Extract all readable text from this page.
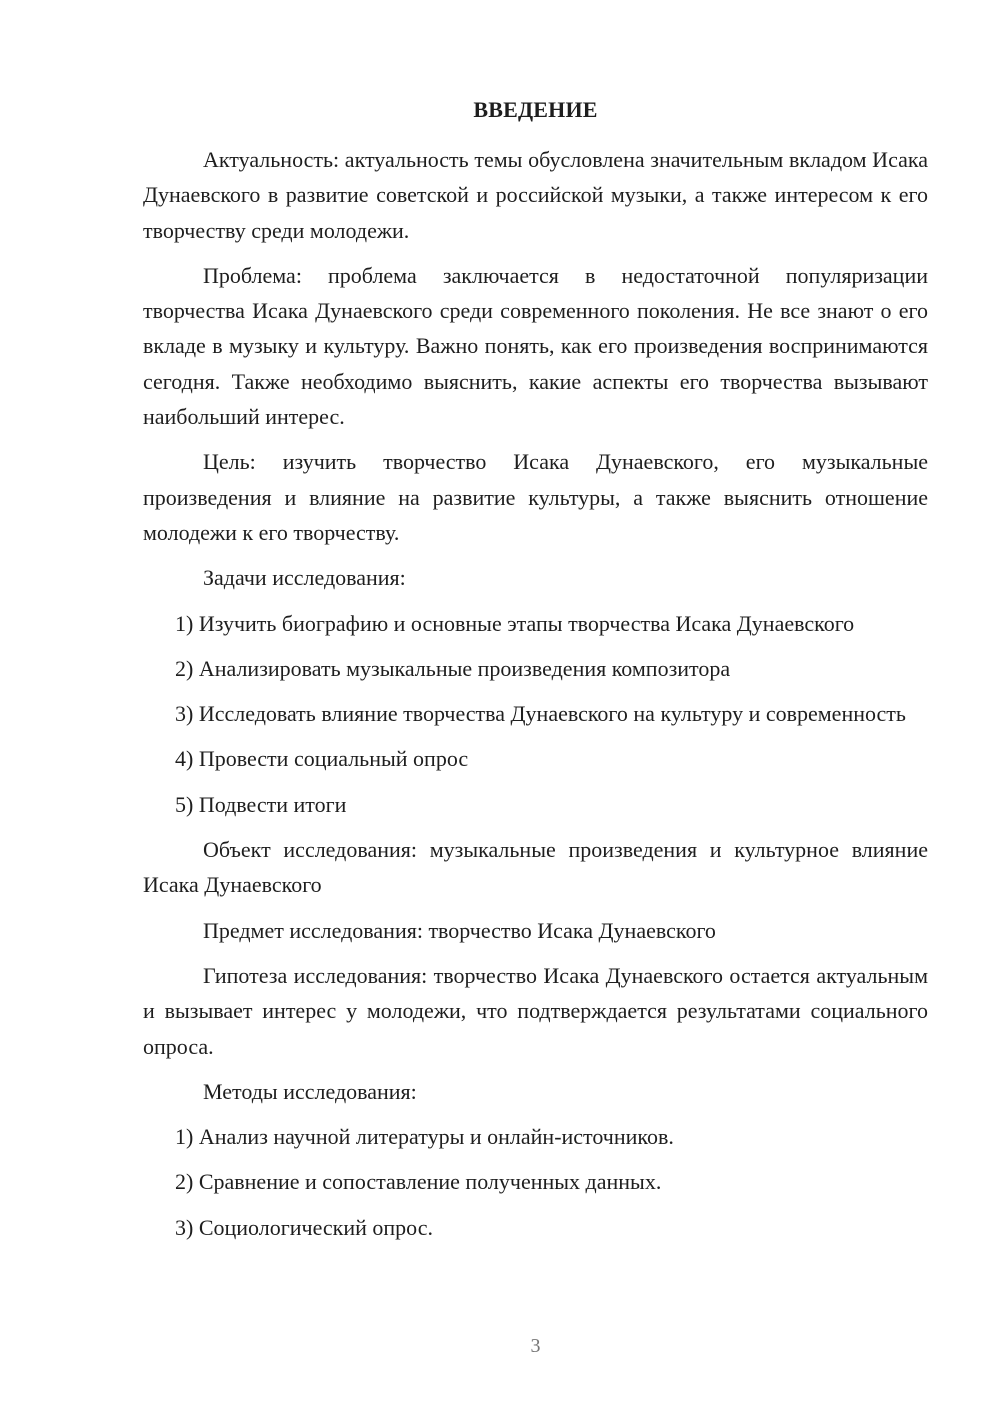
ВВЕДЕНИЕ

Актуальность: актуальность темы обусловлена значительным вкладом Исака Дунаевского в развитие советской и российской музыки, а также интересом к его творчеству среди молодежи.

Проблема: проблема заключается в недостаточной популяризации творчества Исака Дунаевского среди современного поколения. Не все знают о его вкладе в музыку и культуру. Важно понять, как его произведения воспринимаются сегодня. Также необходимо выяснить, какие аспекты его творчества вызывают наибольший интерес.

Цель: изучить творчество Исака Дунаевского, его музыкальные произведения и влияние на развитие культуры, а также выяснить отношение молодежи к его творчеству.

Задачи исследования:

1) Изучить биографию и основные этапы творчества Исака Дунаевского

2) Анализировать музыкальные произведения композитора

3) Исследовать влияние творчества Дунаевского на культуру и современность

4) Провести социальный опрос

5) Подвести итоги

Объект исследования: музыкальные произведения и культурное влияние Исака Дунаевского

Предмет исследования: творчество Исака Дунаевского

Гипотеза исследования: творчество Исака Дунаевского остается актуальным и вызывает интерес у молодежи, что подтверждается результатами социального опроса.

Методы исследования:

1) Анализ научной литературы и онлайн-источников.

2) Сравнение и сопоставление полученных данных.

3) Социологический опрос.

3
